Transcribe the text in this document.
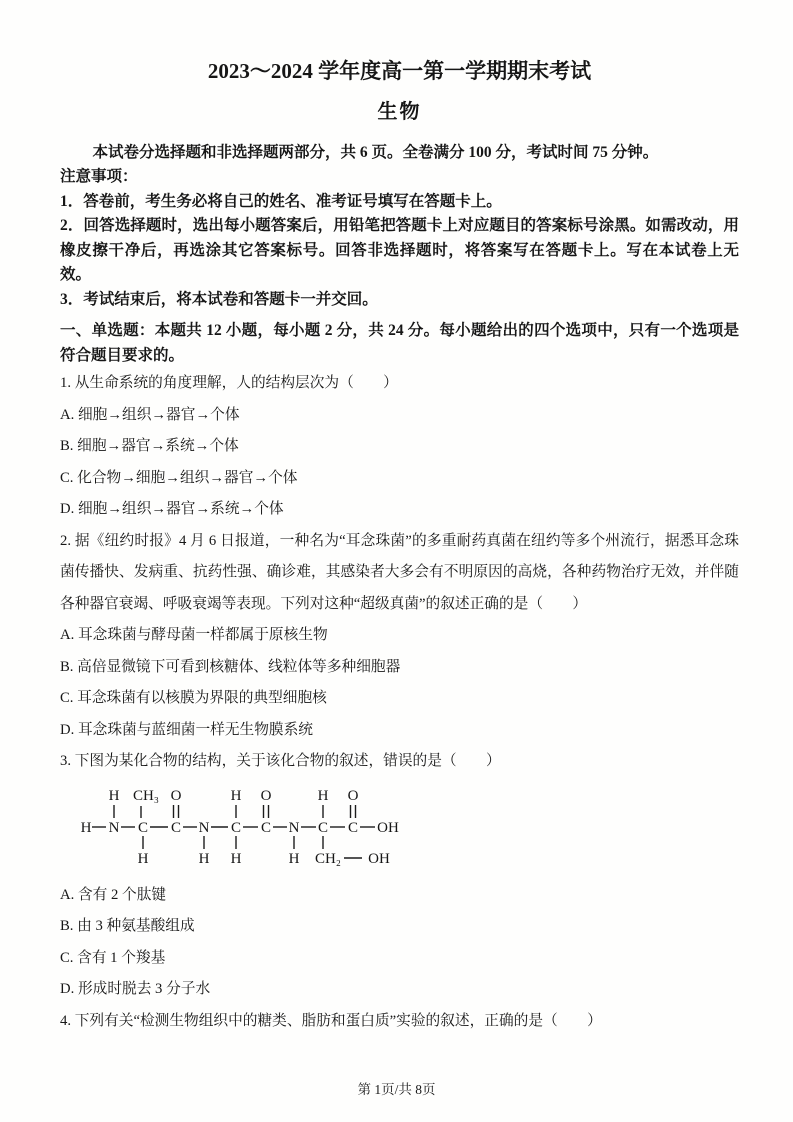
2023～2024 学年度高一第一学期期末考试
生物

本试卷分选择题和非选择题两部分，共 6 页。全卷满分 100 分，考试时间 75 分钟。

注意事项：
1．答卷前，考生务必将自己的姓名、准考证号填写在答题卡上。
2．回答选择题时，选出每小题答案后，用铅笔把答题卡上对应题目的答案标号涂黑。如需改动，用橡皮擦干净后，再选涂其它答案标号。回答非选择题时，将答案写在答题卡上。写在本试卷上无效。
3．考试结束后，将本试卷和答题卡一并交回。
一、单选题：本题共 12 小题，每小题 2 分，共 24 分。每小题给出的四个选项中，只有一个选项是符合题目要求的。
1. 从生命系统的角度理解，人的结构层次为（　　）
A. 细胞→组织→器官→个体
B. 细胞→器官→系统→个体
C. 化合物→细胞→组织→器官→个体
D. 细胞→组织→器官→系统→个体
2. 据《纽约时报》4 月 6 日报道，一种名为“耳念珠菌”的多重耐药真菌在纽约等多个州流行，据悉耳念珠菌传播快、发病重、抗药性强、确诊难，其感染者大多会有不明原因的高烧，各种药物治疗无效，并伴随各种器官衰竭、呼吸衰竭等表现。下列对这种“超级真菌”的叙述正确的是（　　）
A. 耳念珠菌与酵母菌一样都属于原核生物
B. 高倍显微镜下可看到核糖体、线粒体等多种细胞器
C. 耳念珠菌有以核膜为界限的典型细胞核
D. 耳念珠菌与蓝细菌一样无生物膜系统
3. 下图为某化合物的结构，关于该化合物的叙述，错误的是（　　）
H N C C N C C N C C OH
H CH₃ O	H O	H O
H	H H	H CH₂ OH
A. 含有 2 个肽键
B. 由 3 种氨基酸组成
C. 含有 1 个羧基
D. 形成时脱去 3 分子水
4. 下列有关“检测生物组织中的糖类、脂肪和蛋白质”实验的叙述，正确的是（　　）
第 1页/共 8页
